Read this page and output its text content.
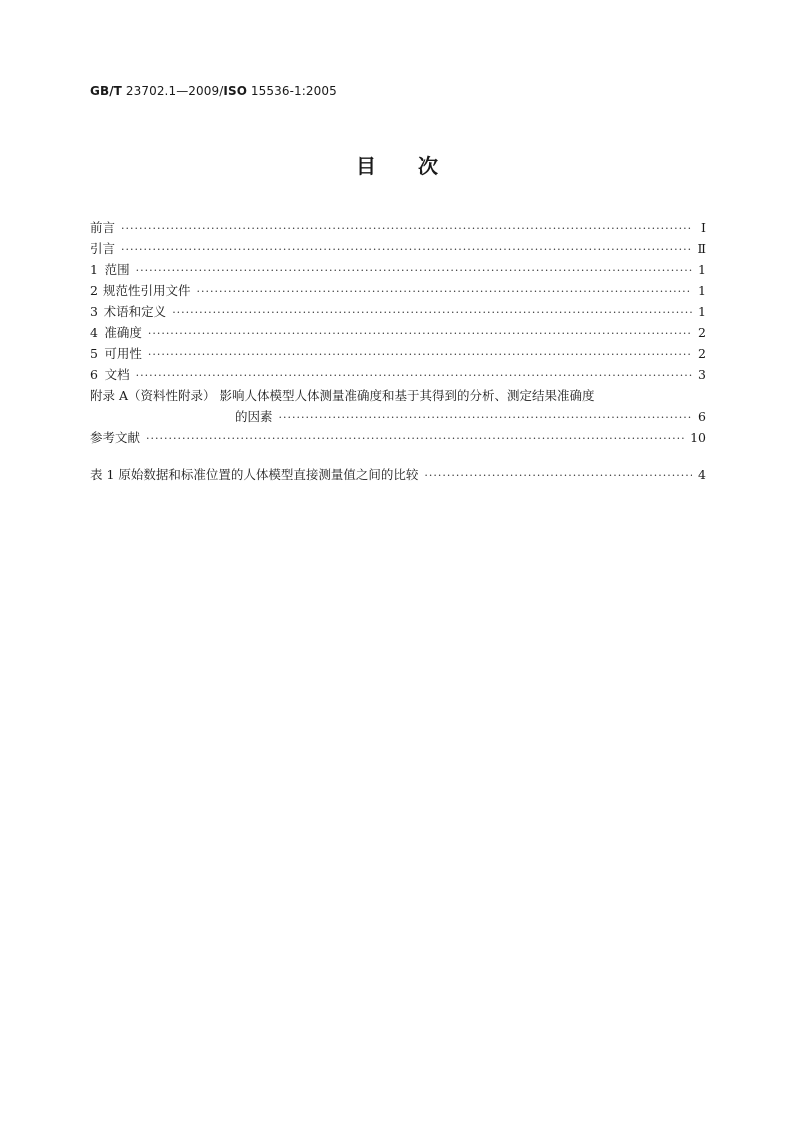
GB/T 23702.1—2009/ISO 15536-1:2005
目次
前言 ·····	Ⅰ
引言 ·····	Ⅱ
1 范围 ·····	1
2 规范性引用文件 ·····	1
3 术语和定义 ·····	1
4 准确度 ·····	2
5 可用性 ·····	2
6 文档 ·····	3
附录 A（资料性附录） 影响人体模型人体测量准确度和基于其得到的分析、测定结果准确度
的因素 ·····	6
参考文献 ·····	10
表 1 原始数据和标准位置的人体模型直接测量值之间的比较 ·····	4
